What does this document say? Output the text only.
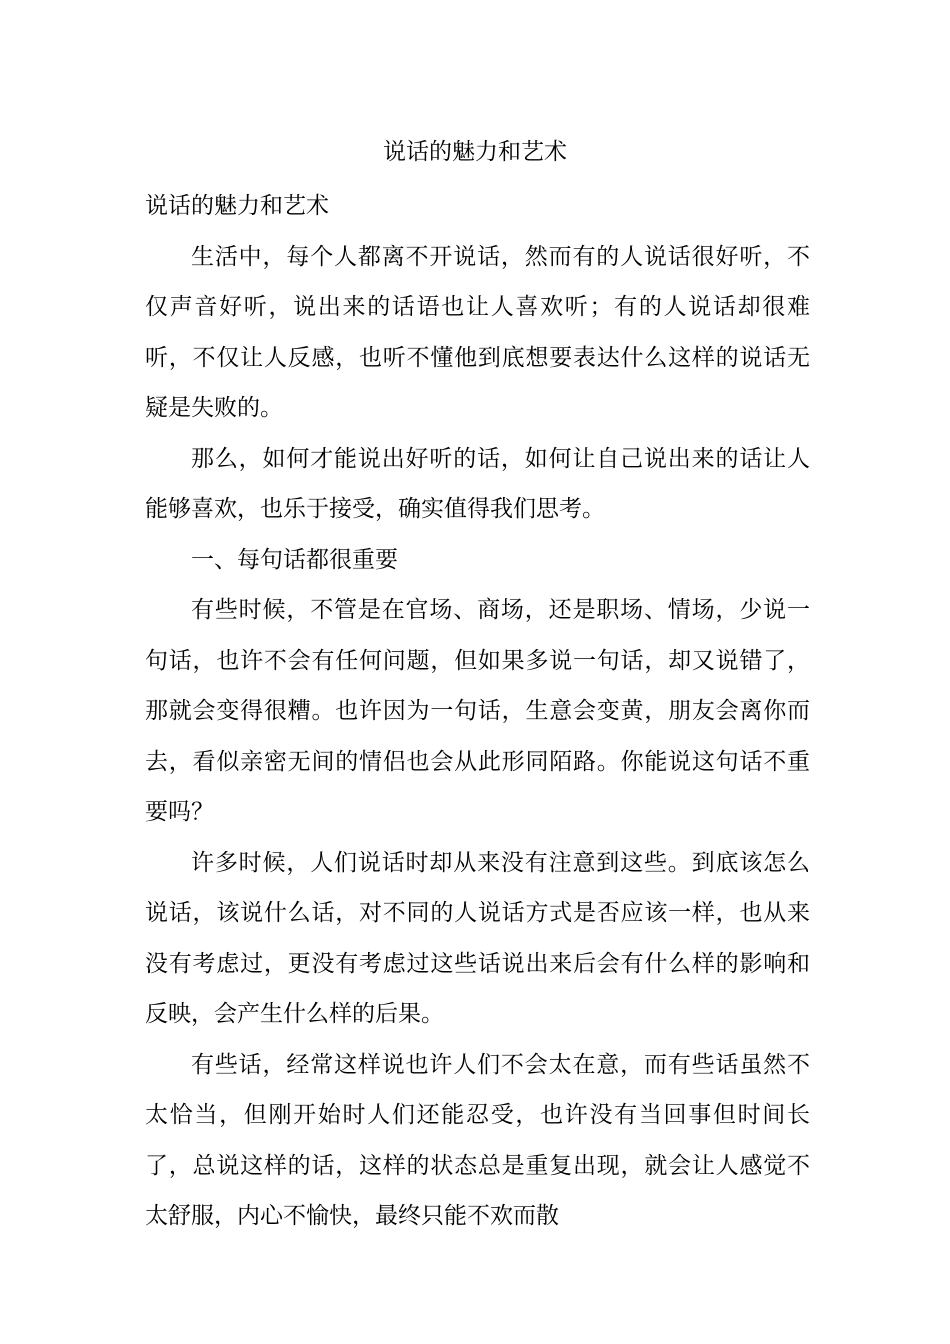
说话的魅力和艺术

说话的魅力和艺术

生活中，每个人都离不开说话，然而有的人说话很好听，不仅声音好听，说出来的话语也让人喜欢听；有的人说话却很难听，不仅让人反感，也听不懂他到底想要表达什么这样的说话无疑是失败的。

那么，如何才能说出好听的话，如何让自己说出来的话让人能够喜欢，也乐于接受，确实值得我们思考。

一、每句话都很重要

有些时候，不管是在官场、商场，还是职场、情场，少说一句话，也许不会有任何问题，但如果多说一句话，却又说错了，那就会变得很糟。也许因为一句话，生意会变黄，朋友会离你而去，看似亲密无间的情侣也会从此形同陌路。你能说这句话不重要吗？

许多时候，人们说话时却从来没有注意到这些。到底该怎么说话，该说什么话，对不同的人说话方式是否应该一样，也从来没有考虑过，更没有考虑过这些话说出来后会有什么样的影响和反映，会产生什么样的后果。

有些话，经常这样说也许人们不会太在意，而有些话虽然不太恰当，但刚开始时人们还能忍受，也许没有当回事但时间长了，总说这样的话，这样的状态总是重复出现，就会让人感觉不太舒服，内心不愉快，最终只能不欢而散
